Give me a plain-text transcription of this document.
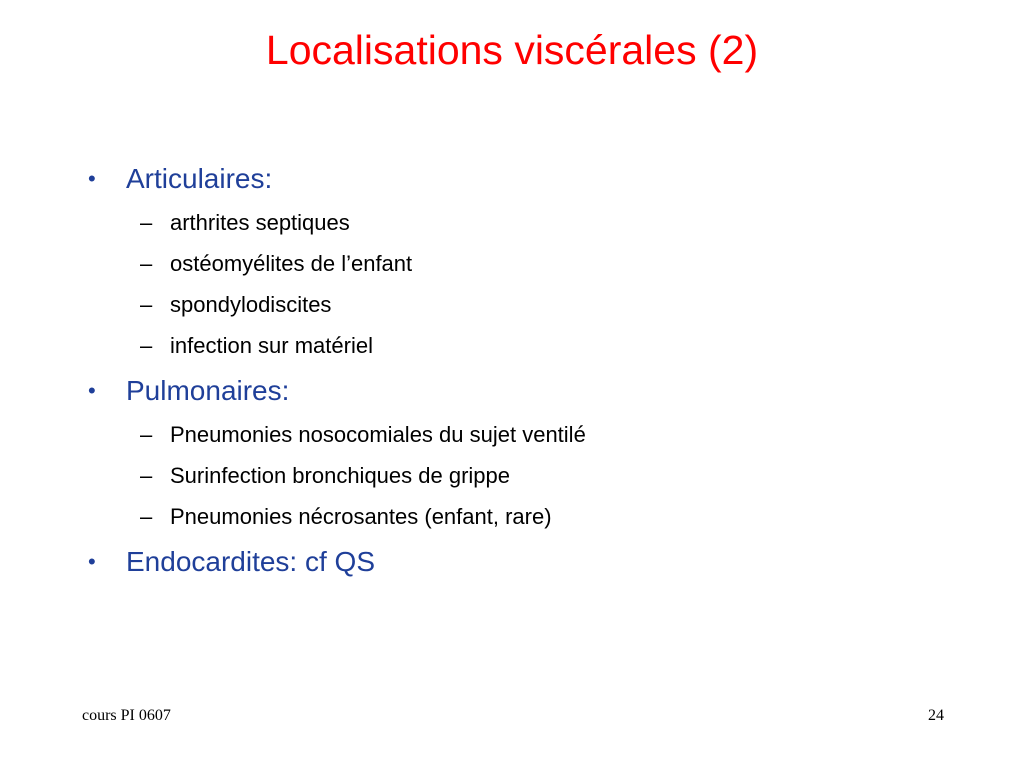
Localisations viscérales (2)
• Articulaires:
– arthrites septiques
– ostéomyélites de l’enfant
– spondylodiscites
– infection sur matériel
• Pulmonaires:
– Pneumonies nosocomiales du sujet ventilé
– Surinfection bronchiques de grippe
– Pneumonies nécrosantes (enfant, rare)
• Endocardites: cf QS
cours PI 0607	24
